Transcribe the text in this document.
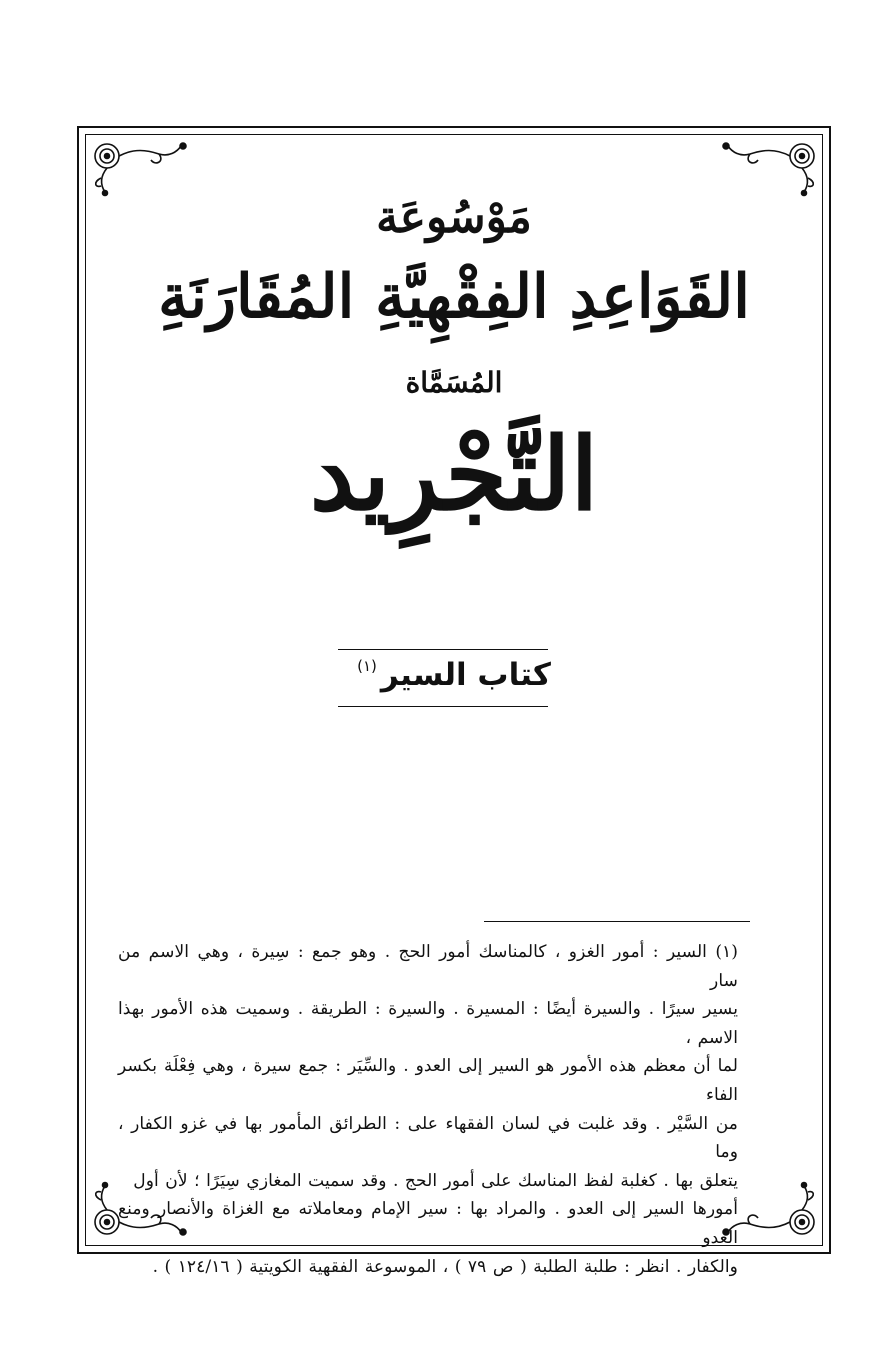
مَوْسُوعَة
القَوَاعِدِ الفِقْهِيَّةِ المُقَارَنَةِ
المُسَمَّاة
التَّجْرِيد
كتاب السير$^{(١)}$

(١) السير : أمور الغزو ، كالمناسك أمور الحج . وهو جمع : سِيرة ، وهي الاسم من سار

يسير سيرًا . والسيرة أيضًا : المسيرة . والسيرة : الطريقة . وسميت هذه الأمور بهذا الاسم ،

لما أن معظم هذه الأمور هو السير إلى العدو . والسِّيَر : جمع سيرة ، وهي فِعْلَة بكسر الفاء

من السَّيْر . وقد غلبت في لسان الفقهاء على : الطرائق المأمور بها في غزو الكفار ، وما

يتعلق بها . كغلبة لفظ المناسك على أمور الحج . وقد سميت المغازي سِيَرًا ؛ لأن أول

أمورها السير إلى العدو . والمراد بها : سير الإمام ومعاملاته مع الغزاة والأنصار ومنع العدو

والكفار . انظر : طلبة الطلبة ( ص ٧٩ ) ، الموسوعة الفقهية الكويتية ( ١٢٤/١٦ ) .
